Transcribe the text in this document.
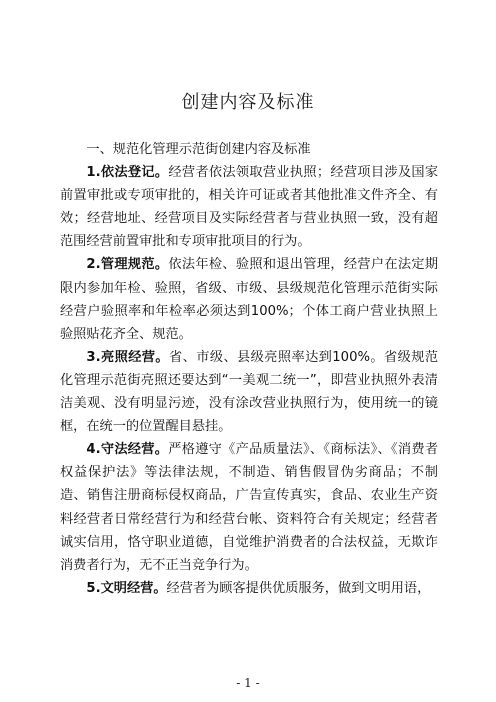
创建内容及标准

一、规范化管理示范街创建内容及标准

1.依法登记。经营者依法领取营业执照；经营项目涉及国家前置审批或专项审批的，相关许可证或者其他批准文件齐全、有效；经营地址、经营项目及实际经营者与营业执照一致，没有超范围经营前置审批和专项审批项目的行为。

2.管理规范。依法年检、验照和退出管理，经营户在法定期限内参加年检、验照，省级、市级、县级规范化管理示范街实际经营户验照率和年检率必须达到100%；个体工商户营业执照上验照贴花齐全、规范。

3.亮照经营。省、市级、县级亮照率达到100%。省级规范化管理示范街亮照还要达到“一美观二统一”，即营业执照外表清洁美观、没有明显污迹，没有涂改营业执照行为，使用统一的镜框，在统一的位置醒目悬挂。

4.守法经营。严格遵守《产品质量法》、《商标法》、《消费者权益保护法》等法律法规，不制造、销售假冒伪劣商品；不制造、销售注册商标侵权商品，广告宣传真实，食品、农业生产资料经营者日常经营行为和经营台帐、资料符合有关规定；经营者诚实信用，恪守职业道德，自觉维护消费者的合法权益，无欺诈消费者行为，无不正当竞争行为。

5.文明经营。经营者为顾客提供优质服务，做到文明用语，

- 1 -
